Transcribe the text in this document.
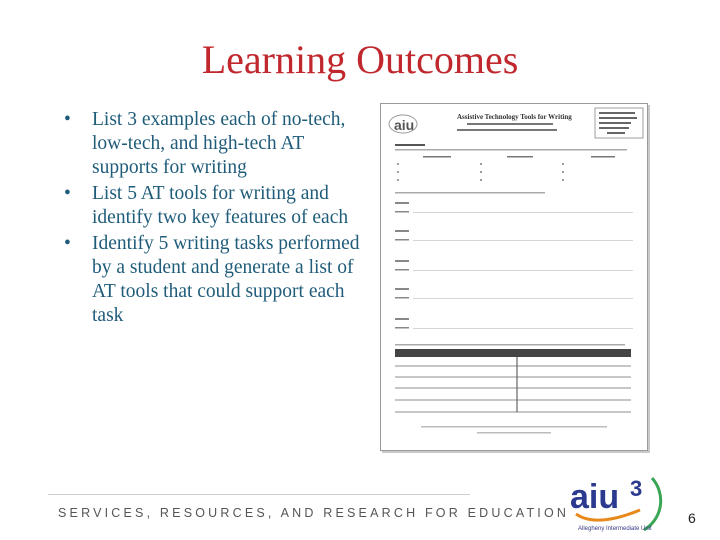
Learning Outcomes
• List 3 examples each of no-tech, low-tech, and high-tech AT supports for writing
• List 5 AT tools for writing and identify two key features of each
• Identify 5 writing tasks performed by a student and generate a list of AT tools that could support each task
aiu	Assistive Technology Tools for Writing
SERVICES, RESOURCES, AND RESEARCH FOR EDUCATION aiu 3
Allegheny Intermediate Unit
6
